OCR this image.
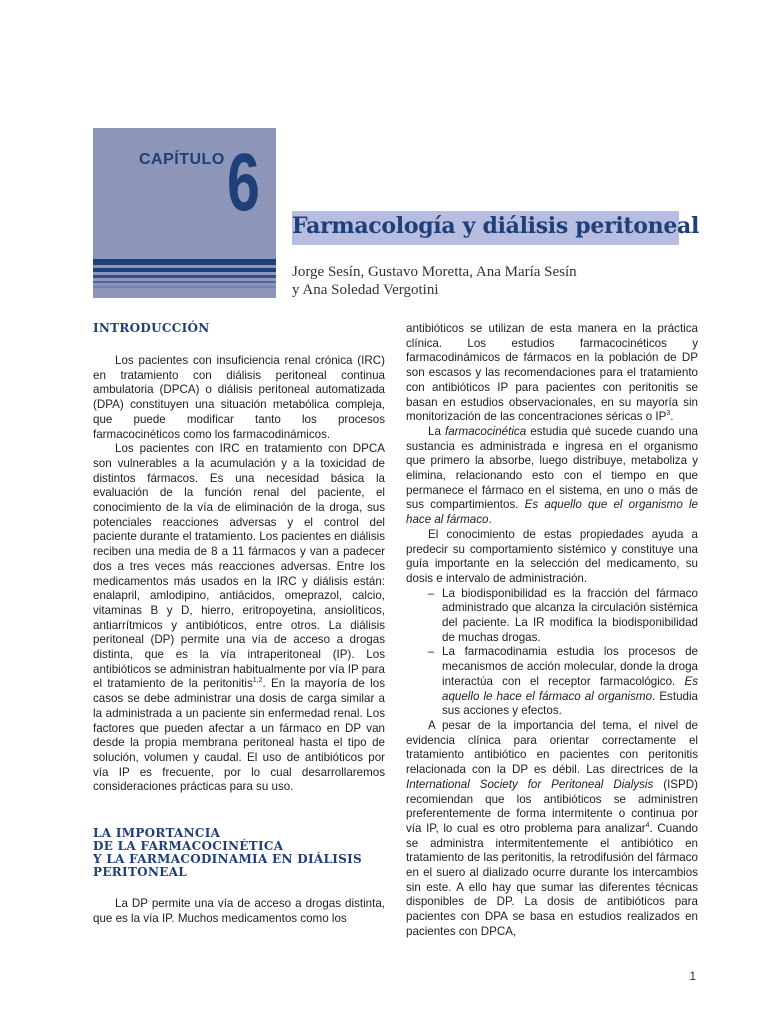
CAPÍTULO 6 Farmacología y diálisis peritoneal
Jorge Sesín, Gustavo Moretta, Ana María Sesín
y Ana Soledad Vergotini
INTRODUCCIÓN

Los pacientes con insuficiencia renal crónica (IRC) en tratamiento con diálisis peritoneal continua ambulatoria (DPCA) o diálisis peritoneal automatizada (DPA) constituyen una situación metabólica compleja, que puede modificar tanto los procesos farmacocinéticos como los farmacodinámicos.

Los pacientes con IRC en tratamiento con DPCA son vulnerables a la acumulación y a la toxicidad de distintos fármacos. Es una necesidad básica la evaluación de la función renal del paciente, el conocimiento de la vía de eliminación de la droga, sus potenciales reacciones adversas y el control del paciente durante el tratamiento. Los pacientes en diálisis reciben una media de 8 a 11 fármacos y van a padecer dos a tres veces más reacciones adversas. Entre los medicamentos más usados en la IRC y diálisis están: enalapril, amlodipino, antiácidos, omeprazol, calcio, vitaminas B y D, hierro, eritropoyetina, ansiolíticos, antiarrítmicos y antibióticos, entre otros. La diálisis peritoneal (DP) permite una vía de acceso a drogas distinta, que es la vía intraperitoneal (IP). Los antibióticos se administran habitualmente por vía IP para el tratamiento de la peritonitis$^{1,2}$. En la mayoría de los casos se debe administrar una dosis de carga similar a la administrada a un paciente sin enfermedad renal. Los factores que pueden afectar a un fármaco en DP van desde la propia membrana peritoneal hasta el tipo de solución, volumen y caudal. El uso de antibióticos por vía IP es frecuente, por lo cual desarrollaremos consideraciones prácticas para su uso.

LA IMPORTANCIA
DE LA FARMACOCINÉTICA
Y LA FARMACODINAMIA EN DIÁLISIS
PERITONEAL

La DP permite una vía de acceso a drogas distinta, que es la vía IP. Muchos medicamentos como los

antibióticos se utilizan de esta manera en la práctica clínica. Los estudios farmacocinéticos y farmacodinámicos de fármacos en la población de DP son escasos y las recomendaciones para el tratamiento con antibióticos IP para pacientes con peritonitis se basan en estudios observacionales, en su mayoría sin monitorización de las concentraciones séricas o $IP^3$.

La farmacocinética estudia qué sucede cuando una sustancia es administrada e ingresa en el organismo que primero la absorbe, luego distribuye, metaboliza y elimina, relacionando esto con el tiempo en que permanece el fármaco en el sistema, en uno o más de sus compartimientos. Es aquello que el organismo le hace al fármaco.

El conocimiento de estas propiedades ayuda a predecir su comportamiento sistémico y constituye una guía importante en la selección del medicamento, su dosis e intervalo de administración.

– La biodisponibilidad es la fracción del fármaco administrado que alcanza la circulación sistémica del paciente. La IR modifica la biodisponibilidad de muchas drogas.
– La farmacodinamia estudia los procesos de mecanismos de acción molecular, donde la droga interactúa con el receptor farmacológico. Es aquello le hace el fármaco al organismo. Estudia sus acciones y efectos.

A pesar de la importancia del tema, el nivel de evidencia clínica para orientar correctamente el tratamiento antibiótico en pacientes con peritonitis relacionada con la DP es débil. Las directrices de la International Society for Peritoneal Dialysis (ISPD) recomiendan que los antibióticos se administren preferentemente de forma intermitente o continua por vía IP, lo cual es otro problema para analizar$^4$. Cuando se administra intermitentemente el antibiótico en tratamiento de las peritonitis, la retrodifusión del fármaco en el suero al dializado ocurre durante los intercambios sin este. A ello hay que sumar las diferentes técnicas disponibles de DP. La dosis de antibióticos para pacientes con DPA se basa en estudios realizados en pacientes con DPCA,

1
